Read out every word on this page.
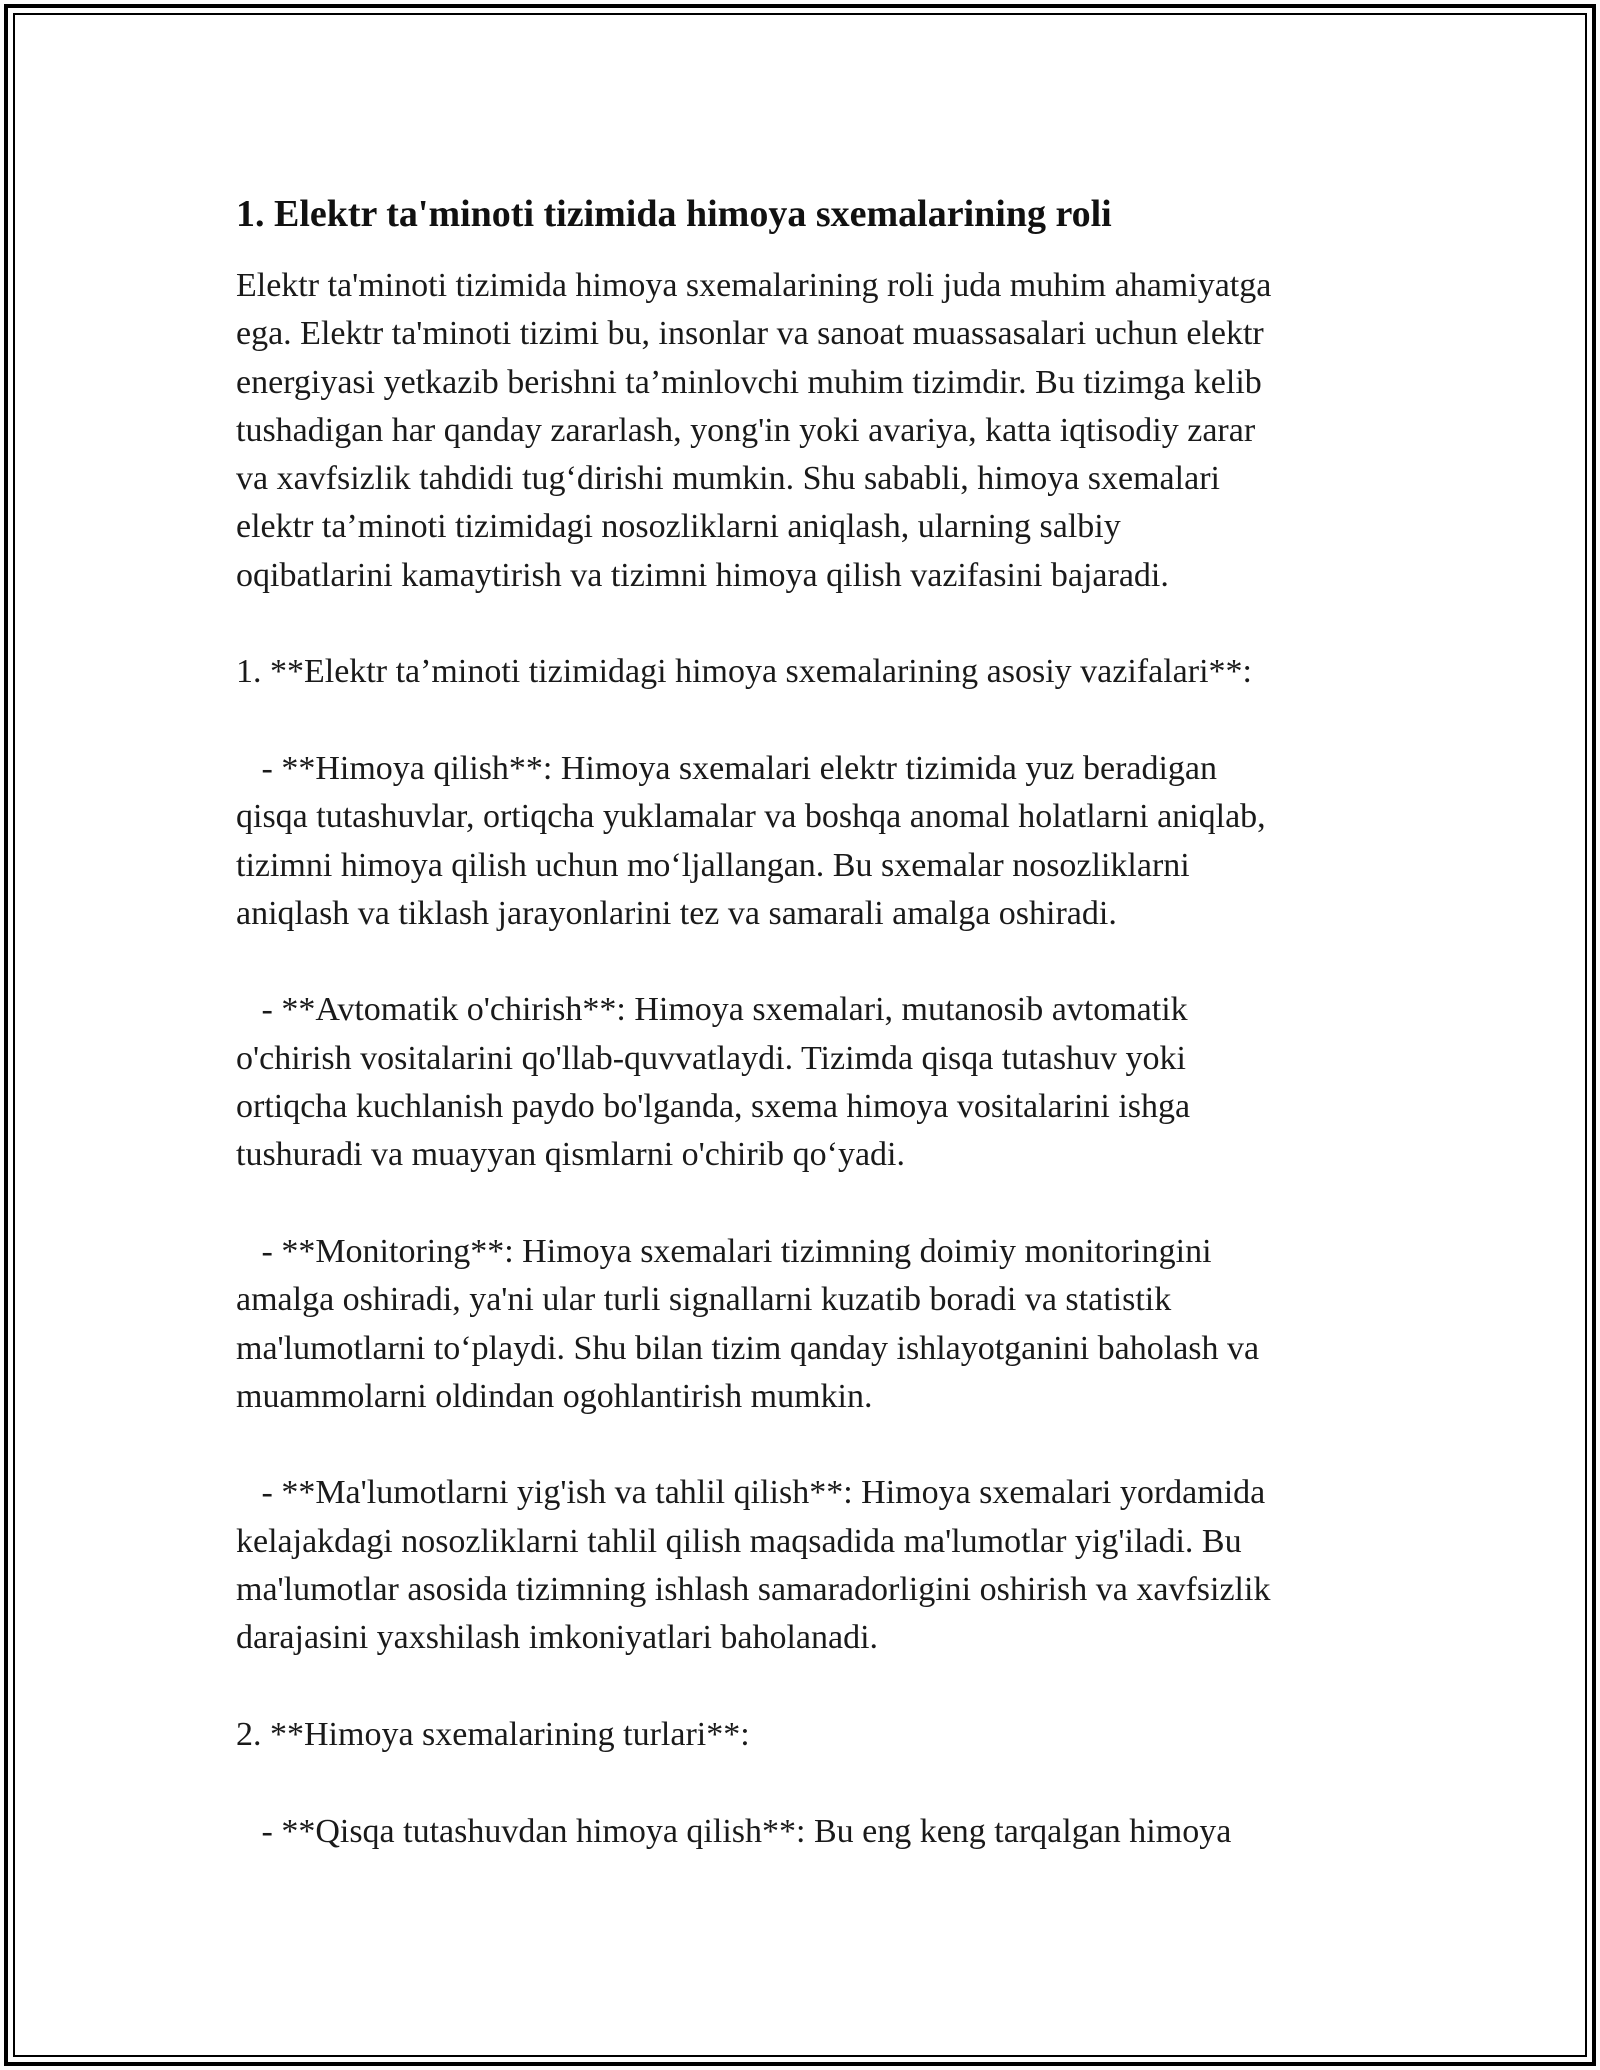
1. Elektr ta'minoti tizimida himoya sxemalarining roli

Elektr ta'minoti tizimida himoya sxemalarining roli juda muhim ahamiyatga
ega. Elektr ta'minoti tizimi bu, insonlar va sanoat muassasalari uchun elektr
energiyasi yetkazib berishni ta’minlovchi muhim tizimdir. Bu tizimga kelib
tushadigan har qanday zararlash, yong'in yoki avariya, katta iqtisodiy zarar
va xavfsizlik tahdidi tug‘dirishi mumkin. Shu sababli, himoya sxemalari
elektr ta’minoti tizimidagi nosozliklarni aniqlash, ularning salbiy
oqibatlarini kamaytirish va tizimni himoya qilish vazifasini bajaradi.

1. **Elektr ta’minoti tizimidagi himoya sxemalarining asosiy vazifalari**:

- **Himoya qilish**: Himoya sxemalari elektr tizimida yuz beradigan
qisqa tutashuvlar, ortiqcha yuklamalar va boshqa anomal holatlarni aniqlab,
tizimni himoya qilish uchun mo‘ljallangan. Bu sxemalar nosozliklarni
aniqlash va tiklash jarayonlarini tez va samarali amalga oshiradi.

- **Avtomatik o'chirish**: Himoya sxemalari, mutanosib avtomatik
o'chirish vositalarini qo'llab-quvvatlaydi. Tizimda qisqa tutashuv yoki
ortiqcha kuchlanish paydo bo'lganda, sxema himoya vositalarini ishga
tushuradi va muayyan qismlarni o'chirib qo‘yadi.

- **Monitoring**: Himoya sxemalari tizimning doimiy monitoringini
amalga oshiradi, ya'ni ular turli signallarni kuzatib boradi va statistik
ma'lumotlarni to‘playdi. Shu bilan tizim qanday ishlayotganini baholash va
muammolarni oldindan ogohlantirish mumkin.

- **Ma'lumotlarni yig'ish va tahlil qilish**: Himoya sxemalari yordamida
kelajakdagi nosozliklarni tahlil qilish maqsadida ma'lumotlar yig'iladi. Bu
ma'lumotlar asosida tizimning ishlash samaradorligini oshirish va xavfsizlik
darajasini yaxshilash imkoniyatlari baholanadi.

2. **Himoya sxemalarining turlari**:

- **Qisqa tutashuvdan himoya qilish**: Bu eng keng tarqalgan himoya
